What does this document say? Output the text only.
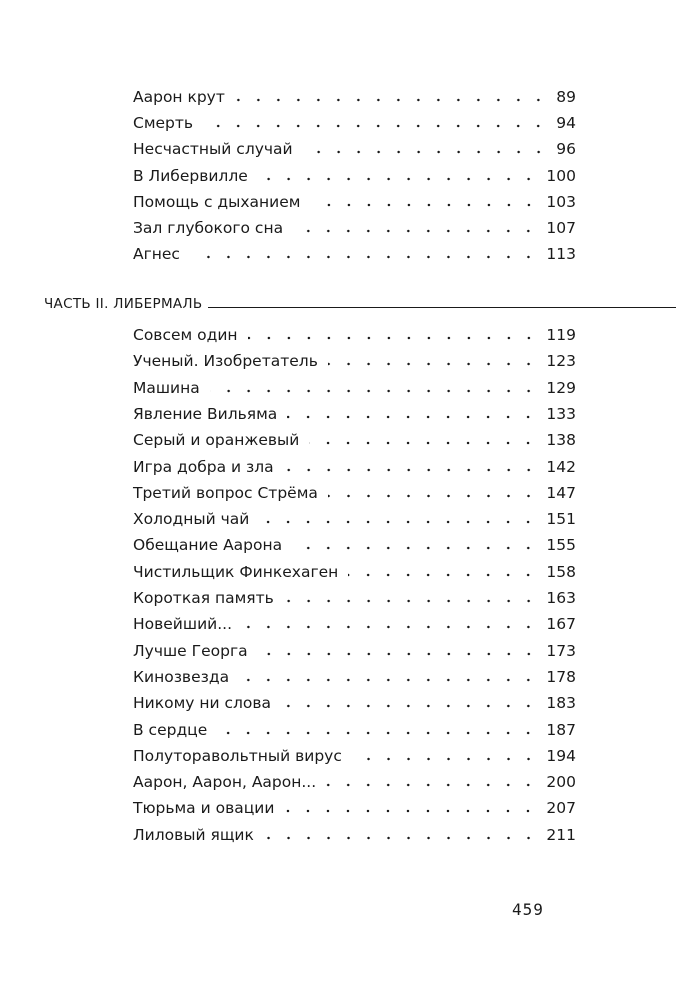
ЧАСТЬ II. ЛИБЕРМАЛЬ
Аарон крут	89
Смерть	94
Несчастный случай	96
В Либервилле	100
Помощь с дыханием	103
Зал глубокого сна	107
Агнес	113
Совсем один	119
Ученый. Изобретатель	123
Машина	129
Явление Вильяма	133
Серый и оранжевый	138
Игра добра и зла	142
Третий вопрос Стрёма	147
Холодный чай	151
Обещание Аарона	155
Чистильщик Финкехаген	158
Короткая память	163
Новейший...	167
Лучше Георга	173
Кинозвезда	178
Никому ни слова	183
В сердце	187
Полуторавольтный вирус	194
Аарон, Аарон, Аарон...	200
Тюрьма и овации	207
Лиловый ящик	211
459
